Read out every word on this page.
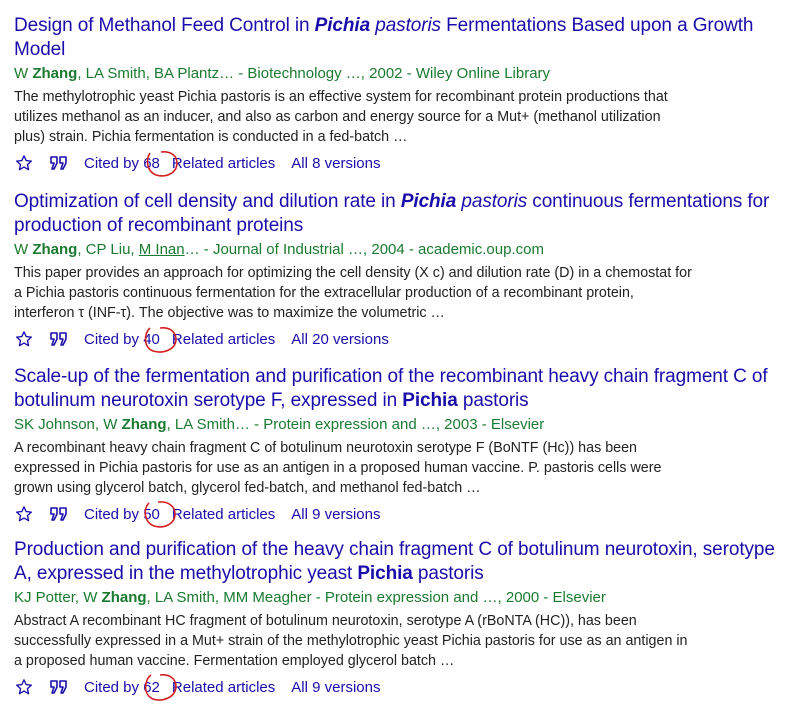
Design of Methanol Feed Control in Pichia pastoris Fermentations Based upon a Growth Model
W Zhang, LA Smith, BA Plantz… - Biotechnology …, 2002 - Wiley Online Library
The methylotrophic yeast Pichia pastoris is an effective system for recombinant protein productions that utilizes methanol as an inducer, and also as carbon and energy source for a Mut+ (methanol utilization plus) strain. Pichia fermentation is conducted in a fed-batch …
Cited by 68 Related articles All 8 versions
Optimization of cell density and dilution rate in Pichia pastoris continuous fermentations for production of recombinant proteins
W Zhang, CP Liu, M Inan… - Journal of Industrial …, 2004 - academic.oup.com
This paper provides an approach for optimizing the cell density (X c) and dilution rate (D) in a chemostat for a Pichia pastoris continuous fermentation for the extracellular production of a recombinant protein, interferon τ (INF-τ). The objective was to maximize the volumetric …
Cited by 40 Related articles All 20 versions
Scale-up of the fermentation and purification of the recombinant heavy chain fragment C of botulinum neurotoxin serotype F, expressed in Pichia pastoris
SK Johnson, W Zhang, LA Smith… - Protein expression and …, 2003 - Elsevier
A recombinant heavy chain fragment C of botulinum neurotoxin serotype F (BoNTF (Hc)) has been expressed in Pichia pastoris for use as an antigen in a proposed human vaccine. P. pastoris cells were grown using glycerol batch, glycerol fed-batch, and methanol fed-batch …
Cited by 50 Related articles All 9 versions
Production and purification of the heavy chain fragment C of botulinum neurotoxin, serotype A, expressed in the methylotrophic yeast Pichia pastoris
KJ Potter, W Zhang, LA Smith, MM Meagher - Protein expression and …, 2000 - Elsevier
Abstract A recombinant HC fragment of botulinum neurotoxin, serotype A (rBoNTA (HC)), has been successfully expressed in a Mut+ strain of the methylotrophic yeast Pichia pastoris for use as an antigen in a proposed human vaccine. Fermentation employed glycerol batch …
Cited by 62 Related articles All 9 versions
